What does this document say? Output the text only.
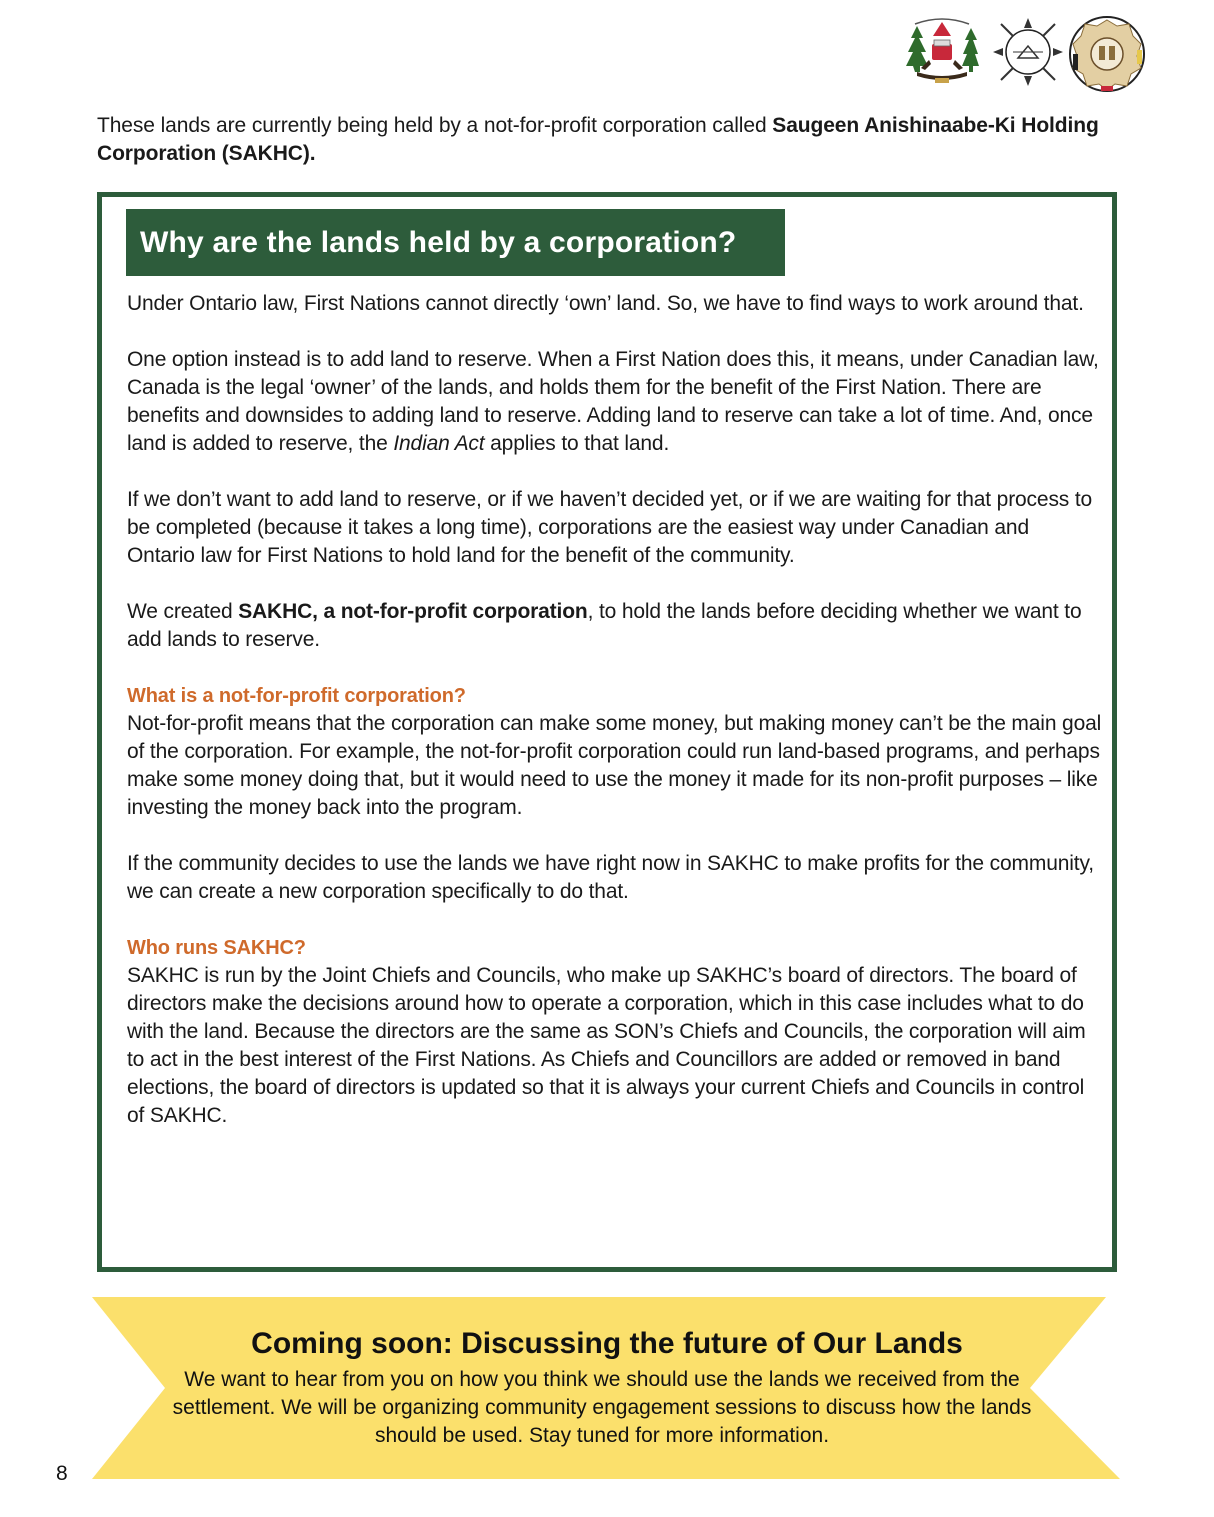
These lands are currently being held by a not-for-profit corporation called Saugeen Anishinaabe-Ki Holding Corporation (SAKHC).
Why are the lands held by a corporation?

Under Ontario law, First Nations cannot directly ‘own’ land. So, we have to find ways to work around that.

One option instead is to add land to reserve. When a First Nation does this, it means, under Canadian law, Canada is the legal ‘owner’ of the lands, and holds them for the benefit of the First Nation. There are benefits and downsides to adding land to reserve. Adding land to reserve can take a lot of time. And, once land is added to reserve, the Indian Act applies to that land.

If we don’t want to add land to reserve, or if we haven’t decided yet, or if we are waiting for that process to be completed (because it takes a long time), corporations are the easiest way under Canadian and Ontario law for First Nations to hold land for the benefit of the community.

We created SAKHC, a not-for-profit corporation, to hold the lands before deciding whether we want to add lands to reserve.

What is a not-for-profit corporation?

Not-for-profit means that the corporation can make some money, but making money can’t be the main goal of the corporation. For example, the not-for-profit corporation could run land-based programs, and perhaps make some money doing that, but it would need to use the money it made for its non-profit purposes – like investing the money back into the program.

If the community decides to use the lands we have right now in SAKHC to make profits for the community, we can create a new corporation specifically to do that.

Who runs SAKHC?

SAKHC is run by the Joint Chiefs and Councils, who make up SAKHC’s board of directors. The board of directors make the decisions around how to operate a corporation, which in this case includes what to do with the land. Because the directors are the same as SON’s Chiefs and Councils, the corporation will aim to act in the best interest of the First Nations. As Chiefs and Councillors are added or removed in band elections, the board of directors is updated so that it is always your current Chiefs and Councils in control of SAKHC.

Coming soon: Discussing the future of Our Lands
We want to hear from you on how you think we should use the lands we received from the settlement. We will be organizing community engagement sessions to discuss how the lands should be used. Stay tuned for more information.
8
